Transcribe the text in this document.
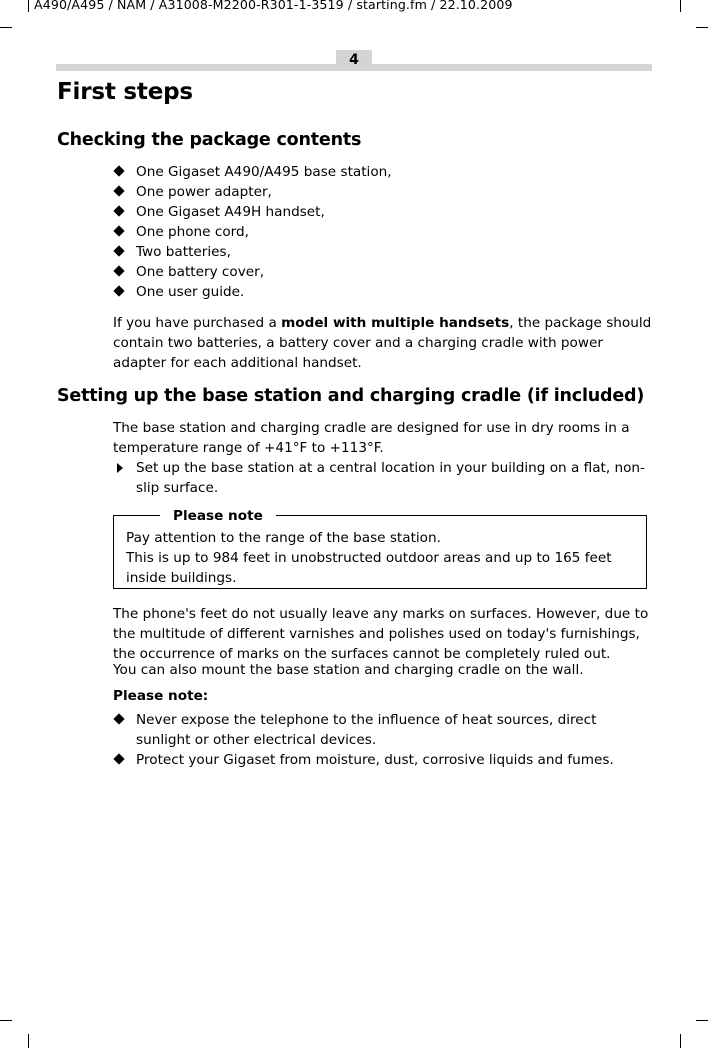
A490/A495 / NAM / A31008-M2200-R301-1-3519 / starting.fm / 22.10.2009
4
First steps
Checking the package contents
One Gigaset A490/A495 base station,
One power adapter,
One Gigaset A49H handset,
One phone cord,
Two batteries,
One battery cover,
One user guide.
If you have purchased a model with multiple handsets, the package should contain two batteries, a battery cover and a charging cradle with power adapter for each additional handset.
Setting up the base station and charging cradle (if included)
The base station and charging cradle are designed for use in dry rooms in a temperature range of +41°F to +113°F.
Set up the base station at a central location in your building on a flat, non-slip surface.
Please note
Pay attention to the range of the base station.
This is up to 984 feet in unobstructed outdoor areas and up to 165 feet inside buildings.
The phone's feet do not usually leave any marks on surfaces. However, due to the multitude of different varnishes and polishes used on today's furnishings, the occurrence of marks on the surfaces cannot be completely ruled out.
You can also mount the base station and charging cradle on the wall.
Please note:
Never expose the telephone to the influence of heat sources, direct sunlight or other electrical devices.
Protect your Gigaset from moisture, dust, corrosive liquids and fumes.
